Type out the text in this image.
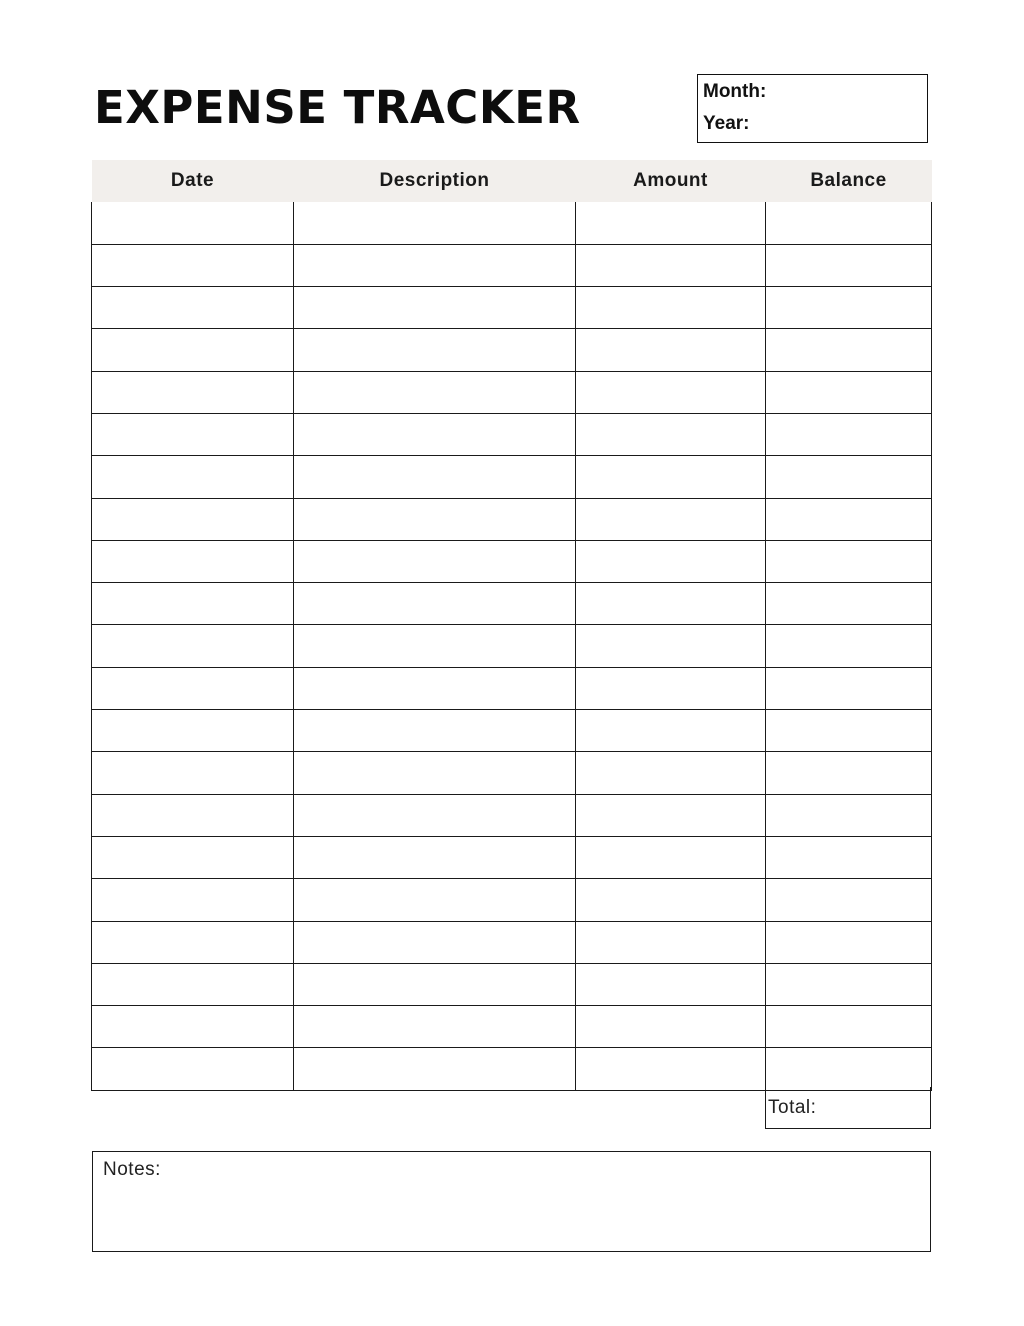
EXPENSE TRACKER	Month:
Year:
Date	Description	Amount	Balance

Total:
Notes:
